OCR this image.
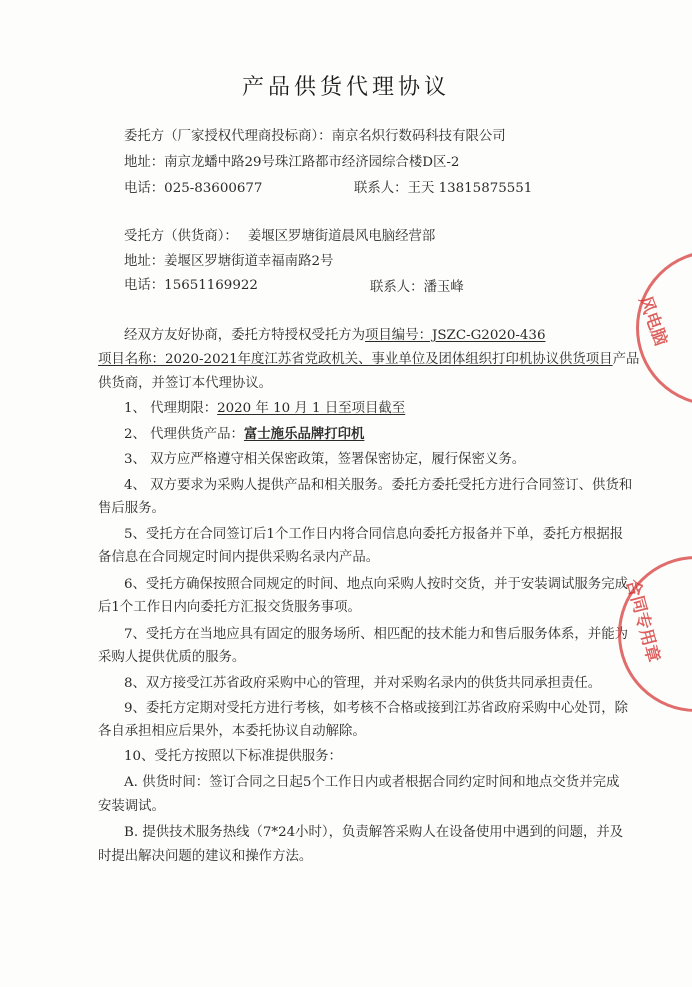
产品供货代理协议
委托方（厂家授权代理商投标商）：南京名炽行数码科技有限公司
地址：南京龙蟠中路29号珠江路都市经济园综合楼D区-2
电话：025-83600677	联系人：王天 13815875551
受托方（供货商）： 姜堰区罗塘街道晨风电脑经营部
地址：姜堰区罗塘街道幸福南路2号
电话：15651169922	联系人：潘玉峰
经双方友好协商，委托方特授权受托方为项目编号：JSZC-G2020-436
项目名称：2020-2021年度江苏省党政机关、事业单位及团体组织打印机协议供货项目产品
供货商，并签订本代理协议。
1、 代理期限：2020 年 10 月 1 日至项目截至
2、 代理供货产品：富士施乐品牌打印机
3、 双方应严格遵守相关保密政策，签署保密协定，履行保密义务。
4、 双方要求为采购人提供产品和相关服务。委托方委托受托方进行合同签订、供货和
售后服务。
5、受托方在合同签订后1个工作日内将合同信息向委托方报备并下单，委托方根据报
备信息在合同规定时间内提供采购名录内产品。
6、受托方确保按照合同规定的时间、地点向采购人按时交货，并于安装调试服务完成
后1个工作日内向委托方汇报交货服务事项。
7、受托方在当地应具有固定的服务场所、相匹配的技术能力和售后服务体系，并能为
采购人提供优质的服务。
8、双方接受江苏省政府采购中心的管理，并对采购名录内的供货共同承担责任。
9、委托方定期对受托方进行考核，如考核不合格或接到江苏省政府采购中心处罚，除
各自承担相应后果外，本委托协议自动解除。
10、受托方按照以下标准提供服务：
A. 供货时间：签订合同之日起5个工作日内或者根据合同约定时间和地点交货并完成
安装调试。
B. 提供技术服务热线（7*24小时），负责解答采购人在设备使用中遇到的问题，并及
时提出解决问题的建议和操作方法。
风电脑
合同专用章
